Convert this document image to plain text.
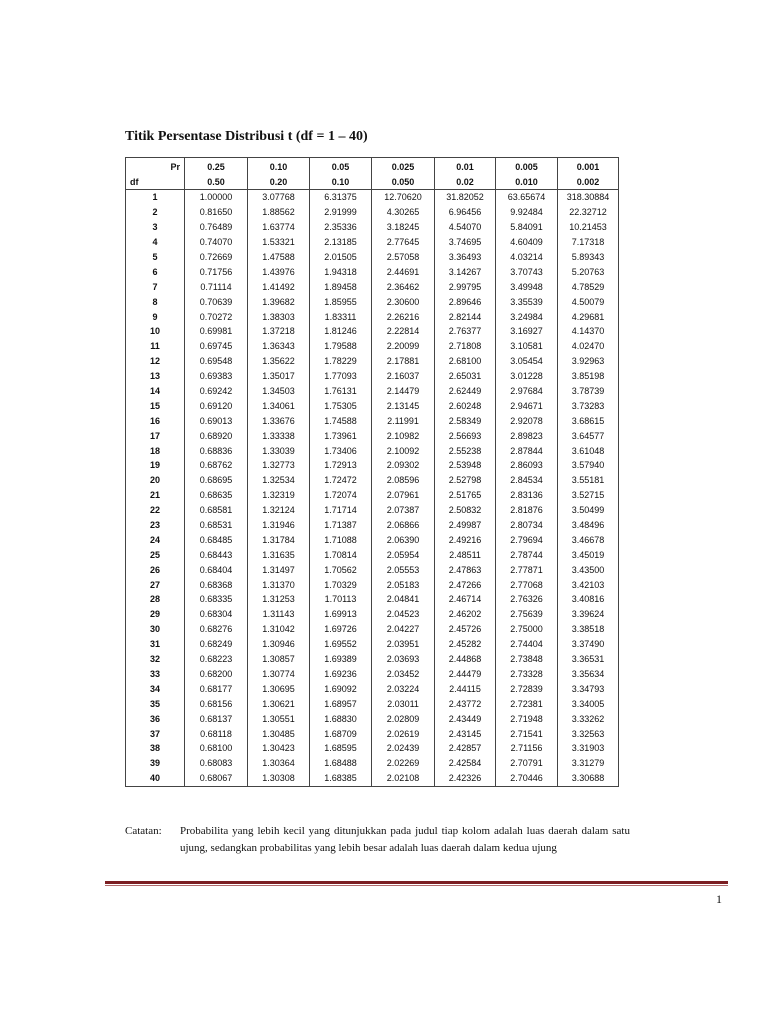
Titik Persentase Distribusi t (df = 1 – 40)
Pr	0.25	0.10	0.05	0.025	0.01	0.005	0.001
df	0.50	0.20	0.10	0.050	0.02	0.010	0.002
1	1.00000	3.07768	6.31375	12.70620	31.82052	63.65674	318.30884
2	0.81650	1.88562	2.91999	4.30265	6.96456	9.92484	22.32712
3	0.76489	1.63774	2.35336	3.18245	4.54070	5.84091	10.21453
4	0.74070	1.53321	2.13185	2.77645	3.74695	4.60409	7.17318
5	0.72669	1.47588	2.01505	2.57058	3.36493	4.03214	5.89343
6	0.71756	1.43976	1.94318	2.44691	3.14267	3.70743	5.20763
7	0.71114	1.41492	1.89458	2.36462	2.99795	3.49948	4.78529
8	0.70639	1.39682	1.85955	2.30600	2.89646	3.35539	4.50079
9	0.70272	1.38303	1.83311	2.26216	2.82144	3.24984	4.29681
10	0.69981	1.37218	1.81246	2.22814	2.76377	3.16927	4.14370
11	0.69745	1.36343	1.79588	2.20099	2.71808	3.10581	4.02470
12	0.69548	1.35622	1.78229	2.17881	2.68100	3.05454	3.92963
13	0.69383	1.35017	1.77093	2.16037	2.65031	3.01228	3.85198
14	0.69242	1.34503	1.76131	2.14479	2.62449	2.97684	3.78739
15	0.69120	1.34061	1.75305	2.13145	2.60248	2.94671	3.73283
16	0.69013	1.33676	1.74588	2.11991	2.58349	2.92078	3.68615
17	0.68920	1.33338	1.73961	2.10982	2.56693	2.89823	3.64577
18	0.68836	1.33039	1.73406	2.10092	2.55238	2.87844	3.61048
19	0.68762	1.32773	1.72913	2.09302	2.53948	2.86093	3.57940
20	0.68695	1.32534	1.72472	2.08596	2.52798	2.84534	3.55181
21	0.68635	1.32319	1.72074	2.07961	2.51765	2.83136	3.52715
22	0.68581	1.32124	1.71714	2.07387	2.50832	2.81876	3.50499
23	0.68531	1.31946	1.71387	2.06866	2.49987	2.80734	3.48496
24	0.68485	1.31784	1.71088	2.06390	2.49216	2.79694	3.46678
25	0.68443	1.31635	1.70814	2.05954	2.48511	2.78744	3.45019
26	0.68404	1.31497	1.70562	2.05553	2.47863	2.77871	3.43500
27	0.68368	1.31370	1.70329	2.05183	2.47266	2.77068	3.42103
28	0.68335	1.31253	1.70113	2.04841	2.46714	2.76326	3.40816
29	0.68304	1.31143	1.69913	2.04523	2.46202	2.75639	3.39624
30	0.68276	1.31042	1.69726	2.04227	2.45726	2.75000	3.38518
31	0.68249	1.30946	1.69552	2.03951	2.45282	2.74404	3.37490
32	0.68223	1.30857	1.69389	2.03693	2.44868	2.73848	3.36531
33	0.68200	1.30774	1.69236	2.03452	2.44479	2.73328	3.35634
34	0.68177	1.30695	1.69092	2.03224	2.44115	2.72839	3.34793
35	0.68156	1.30621	1.68957	2.03011	2.43772	2.72381	3.34005
36	0.68137	1.30551	1.68830	2.02809	2.43449	2.71948	3.33262
37	0.68118	1.30485	1.68709	2.02619	2.43145	2.71541	3.32563
38	0.68100	1.30423	1.68595	2.02439	2.42857	2.71156	3.31903
39	0.68083	1.30364	1.68488	2.02269	2.42584	2.70791	3.31279
40	0.68067	1.30308	1.68385	2.02108	2.42326	2.70446	3.30688
Catatan:	Probabilita yang lebih kecil yang ditunjukkan pada judul tiap kolom adalah luas daerah dalam satu ujung, sedangkan probabilitas yang lebih besar adalah luas daerah dalam kedua ujung
1
